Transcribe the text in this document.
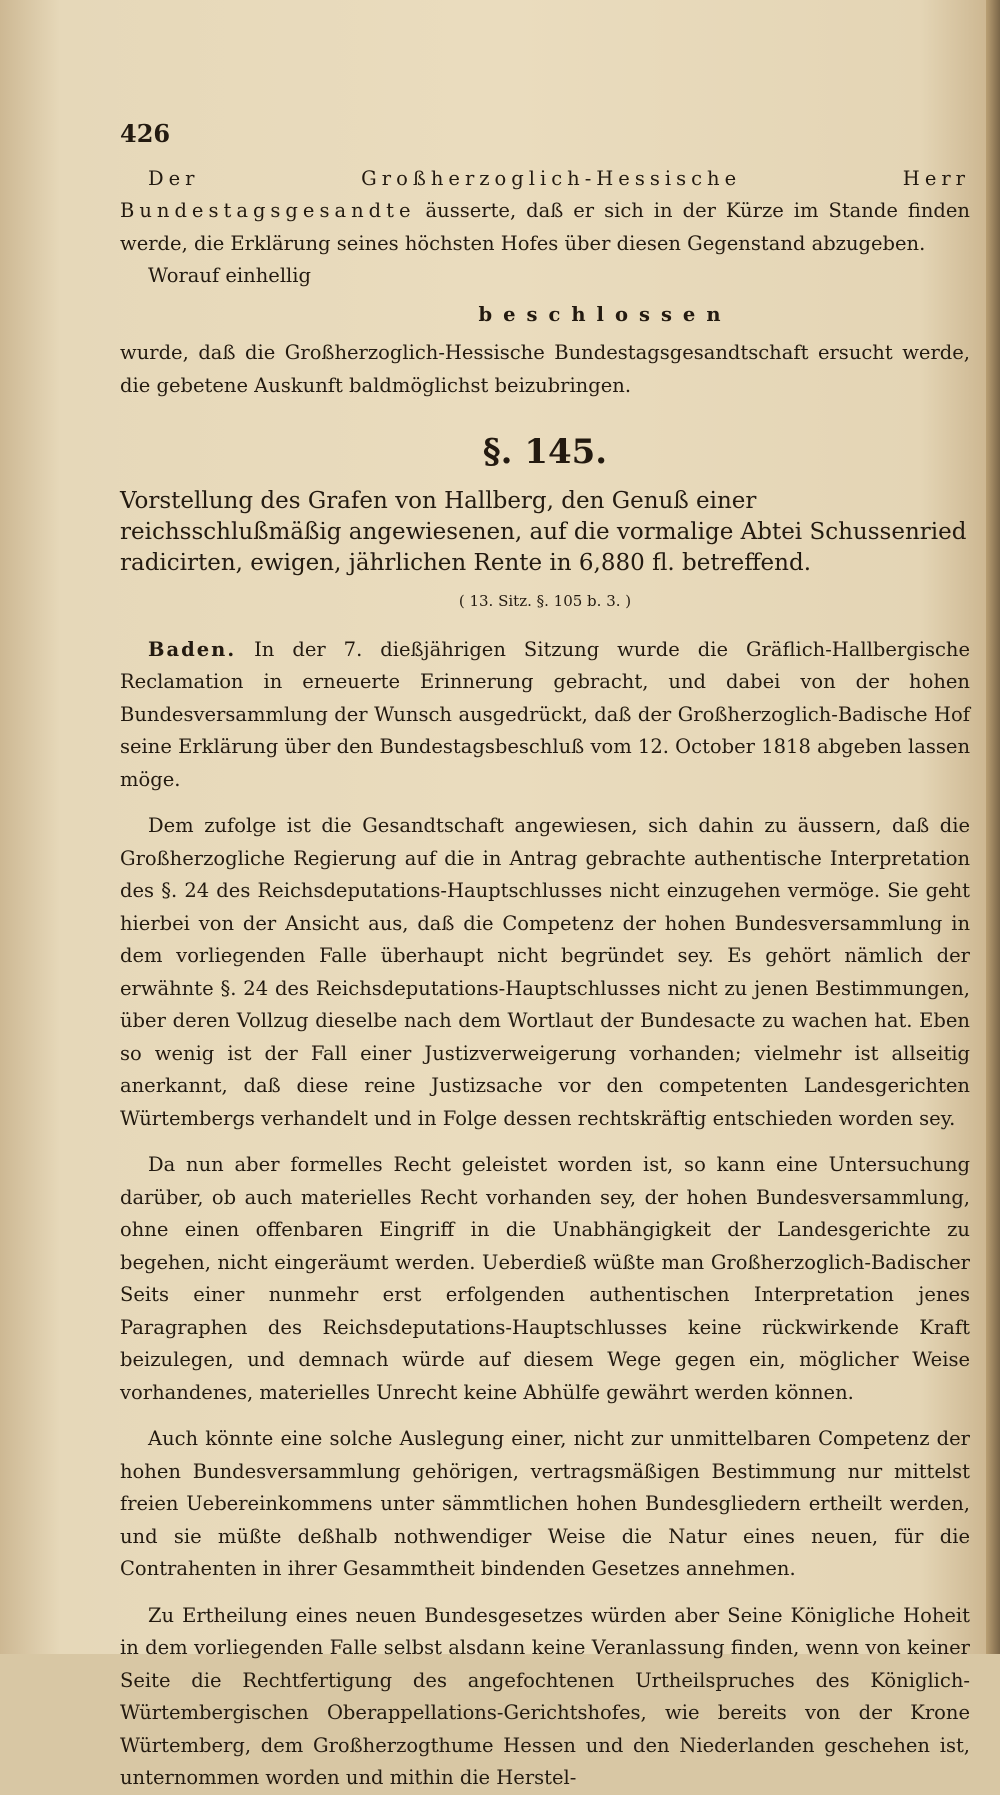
426

Der Großherzoglich-Hessische Herr Bundestagsgesandte äusserte, daß er sich in der Kürze im Stande finden werde, die Erklärung seines höchsten Hofes über diesen Gegenstand abzugeben.

Worauf einhellig

beschlossen

wurde, daß die Großherzoglich-Hessische Bundestagsgesandtschaft ersucht werde, die gebetene Auskunft baldmöglichst beizubringen.

§. 145.
Vorstellung des Grafen von Hallberg, den Genuß einer reichsschlußmäßig angewiesenen, auf die vormalige Abtei Schussenried radicirten, ewigen, jährlichen Rente in 6,880 fl. betreffend.
( 13. Sitz. §. 105 b. 3. )

Baden. In der 7. dießjährigen Sitzung wurde die Gräflich-Hallbergische Reclamation in erneuerte Erinnerung gebracht, und dabei von der hohen Bundesversammlung der Wunsch ausgedrückt, daß der Großherzoglich-Badische Hof seine Erklärung über den Bundestagsbeschluß vom 12. October 1818 abgeben lassen möge.

Dem zufolge ist die Gesandtschaft angewiesen, sich dahin zu äussern, daß die Großherzogliche Regierung auf die in Antrag gebrachte authentische Interpretation des §. 24 des Reichsdeputations-Hauptschlusses nicht einzugehen vermöge. Sie geht hierbei von der Ansicht aus, daß die Competenz der hohen Bundesversammlung in dem vorliegenden Falle überhaupt nicht begründet sey. Es gehört nämlich der erwähnte §. 24 des Reichsdeputations-Hauptschlusses nicht zu jenen Bestimmungen, über deren Vollzug dieselbe nach dem Wortlaut der Bundesacte zu wachen hat. Eben so wenig ist der Fall einer Justizverweigerung vorhanden; vielmehr ist allseitig anerkannt, daß diese reine Justizsache vor den competenten Landesgerichten Würtembergs verhandelt und in Folge dessen rechtskräftig entschieden worden sey.

Da nun aber formelles Recht geleistet worden ist, so kann eine Untersuchung darüber, ob auch materielles Recht vorhanden sey, der hohen Bundesversammlung, ohne einen offenbaren Eingriff in die Unabhängigkeit der Landesgerichte zu begehen, nicht eingeräumt werden. Ueberdieß wüßte man Großherzoglich-Badischer Seits einer nunmehr erst erfolgenden authentischen Interpretation jenes Paragraphen des Reichsdeputations-Hauptschlusses keine rückwirkende Kraft beizulegen, und demnach würde auf diesem Wege gegen ein, möglicher Weise vorhandenes, materielles Unrecht keine Abhülfe gewährt werden können.

Auch könnte eine solche Auslegung einer, nicht zur unmittelbaren Competenz der hohen Bundesversammlung gehörigen, vertragsmäßigen Bestimmung nur mittelst freien Uebereinkommens unter sämmtlichen hohen Bundesgliedern ertheilt werden, und sie müßte deßhalb nothwendiger Weise die Natur eines neuen, für die Contrahenten in ihrer Gesammtheit bindenden Gesetzes annehmen.

Zu Ertheilung eines neuen Bundesgesetzes würden aber Seine Königliche Hoheit in dem vorliegenden Falle selbst alsdann keine Veranlassung finden, wenn von keiner Seite die Rechtfertigung des angefochtenen Urtheilspruches des Königlich-Würtembergischen Oberappellations-Gerichtshofes, wie bereits von der Krone Würtemberg, dem Großherzogthume Hessen und den Niederlanden geschehen ist, unternommen worden und mithin die Herstel-
